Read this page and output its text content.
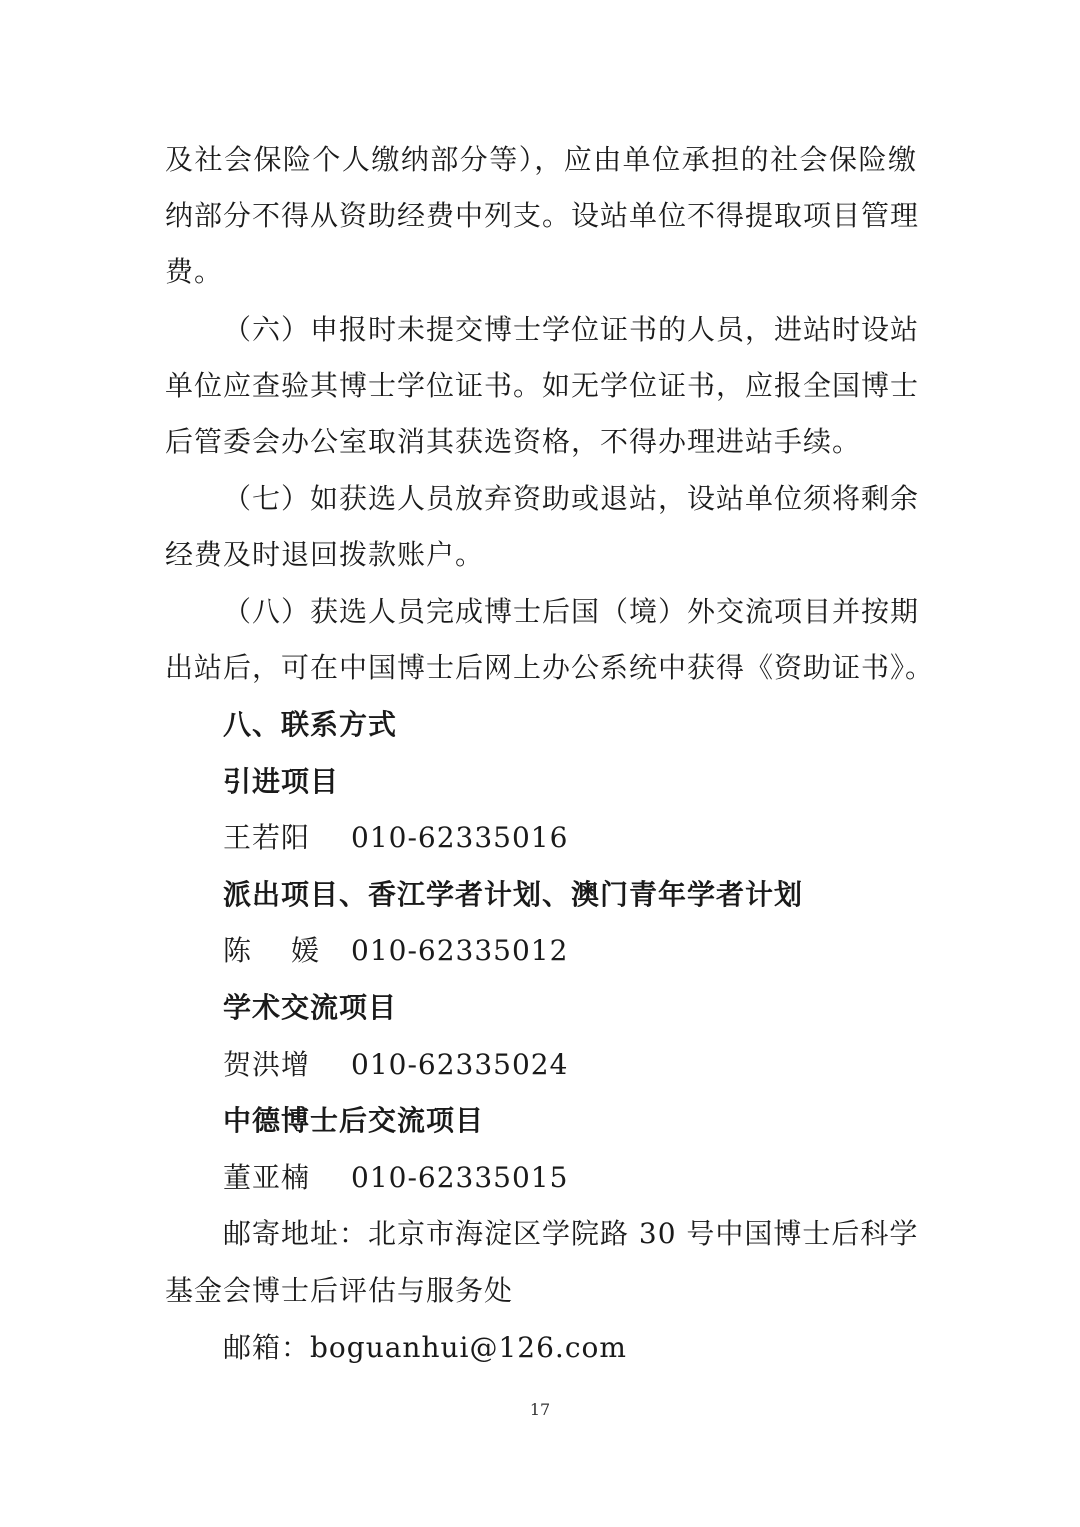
及社会保险个人缴纳部分等），应由单位承担的社会保险缴
纳部分不得从资助经费中列支。设站单位不得提取项目管理
费。
（六）申报时未提交博士学位证书的人员，进站时设站
单位应查验其博士学位证书。如无学位证书，应报全国博士
后管委会办公室取消其获选资格，不得办理进站手续。
（七）如获选人员放弃资助或退站，设站单位须将剩余
经费及时退回拨款账户。
（八）获选人员完成博士后国（境）外交流项目并按期
出站后，可在中国博士后网上办公系统中获得《资助证书》。
八、联系方式
引进项目
王若阳 010-62335016
派出项目、香江学者计划、澳门青年学者计划
陈媛010-62335012
学术交流项目
贺洪增 010-62335024
中德博士后交流项目
董亚楠 010-62335015
邮寄地址：北京市海淀区学院路 30 号中国博士后科学
基金会博士后评估与服务处
邮箱：boguanhui@126.com
17
